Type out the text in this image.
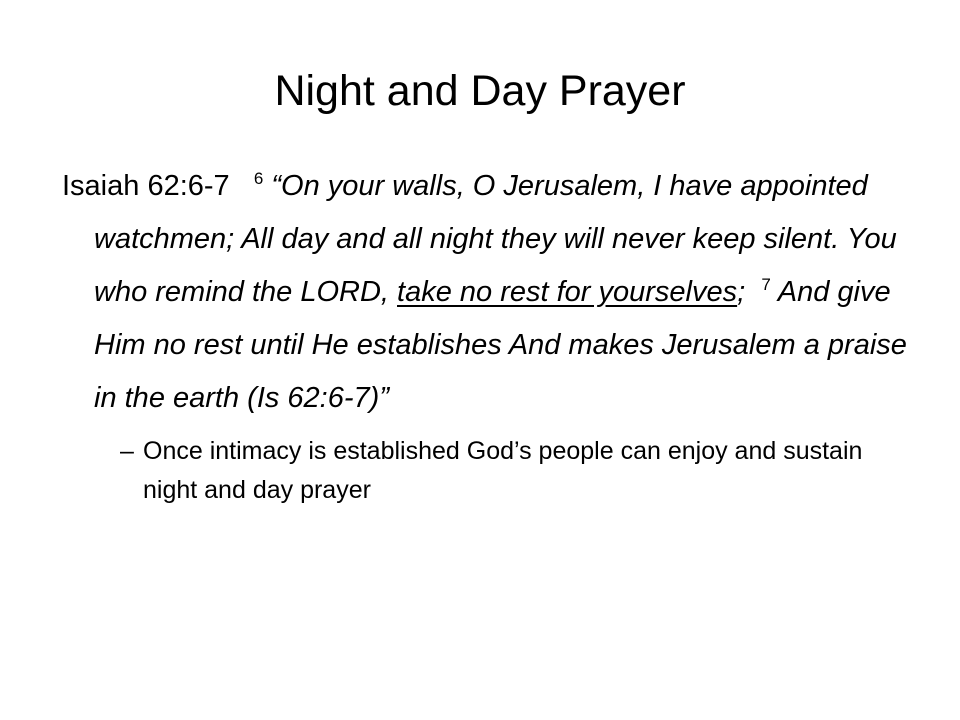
Night and Day Prayer

Isaiah 62:6-7 $^6$ “On your walls, O Jerusalem, I have appointed watchmen; All day and all night they will never keep silent. You who remind the LORD, take no rest for yourselves; $^7$ And give Him no rest until He establishes And makes Jerusalem a praise in the earth (Is 62:6-7)”

– Once intimacy is established God’s people can enjoy and sustain night and day prayer
